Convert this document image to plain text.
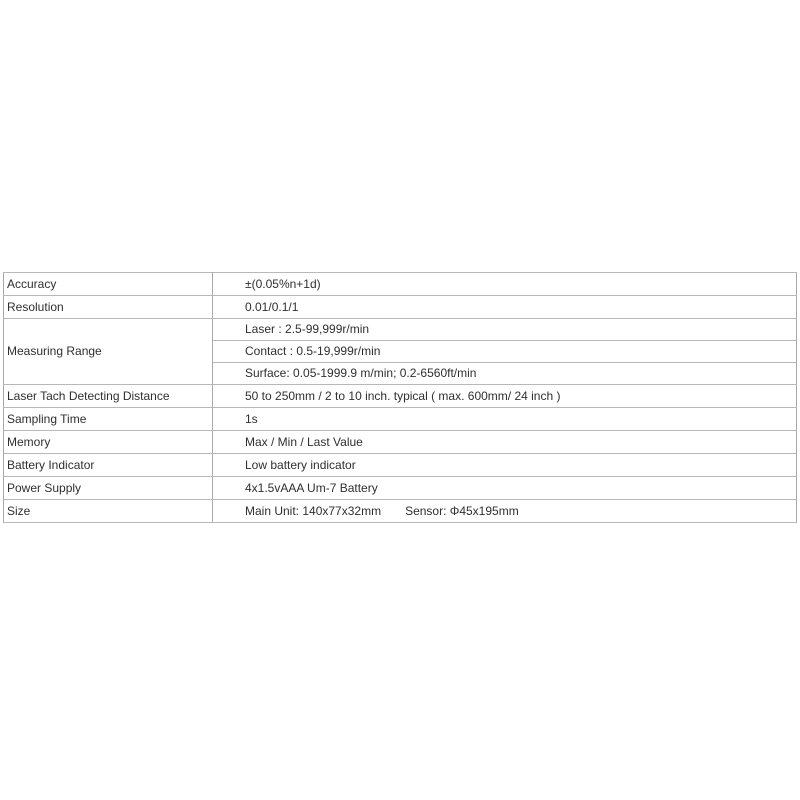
Accuracy	±(0.05%n+1d)
Resolution	0.01/0.1/1
Measuring Range	Laser : 2.5-99,999r/min
	Contact : 0.5-19,999r/min
	Surface: 0.05-1999.9 m/min; 0.2-6560ft/min
Laser Tach Detecting Distance	50 to 250mm / 2 to 10 inch. typical ( max. 600mm/ 24 inch )
Sampling Time	1s
Memory	Max / Min / Last Value
Battery Indicator	Low battery indicator
Power Supply	4x1.5vAAA Um-7 Battery
Size	Main Unit: 140x77x32mm Sensor: Φ45x195mm
